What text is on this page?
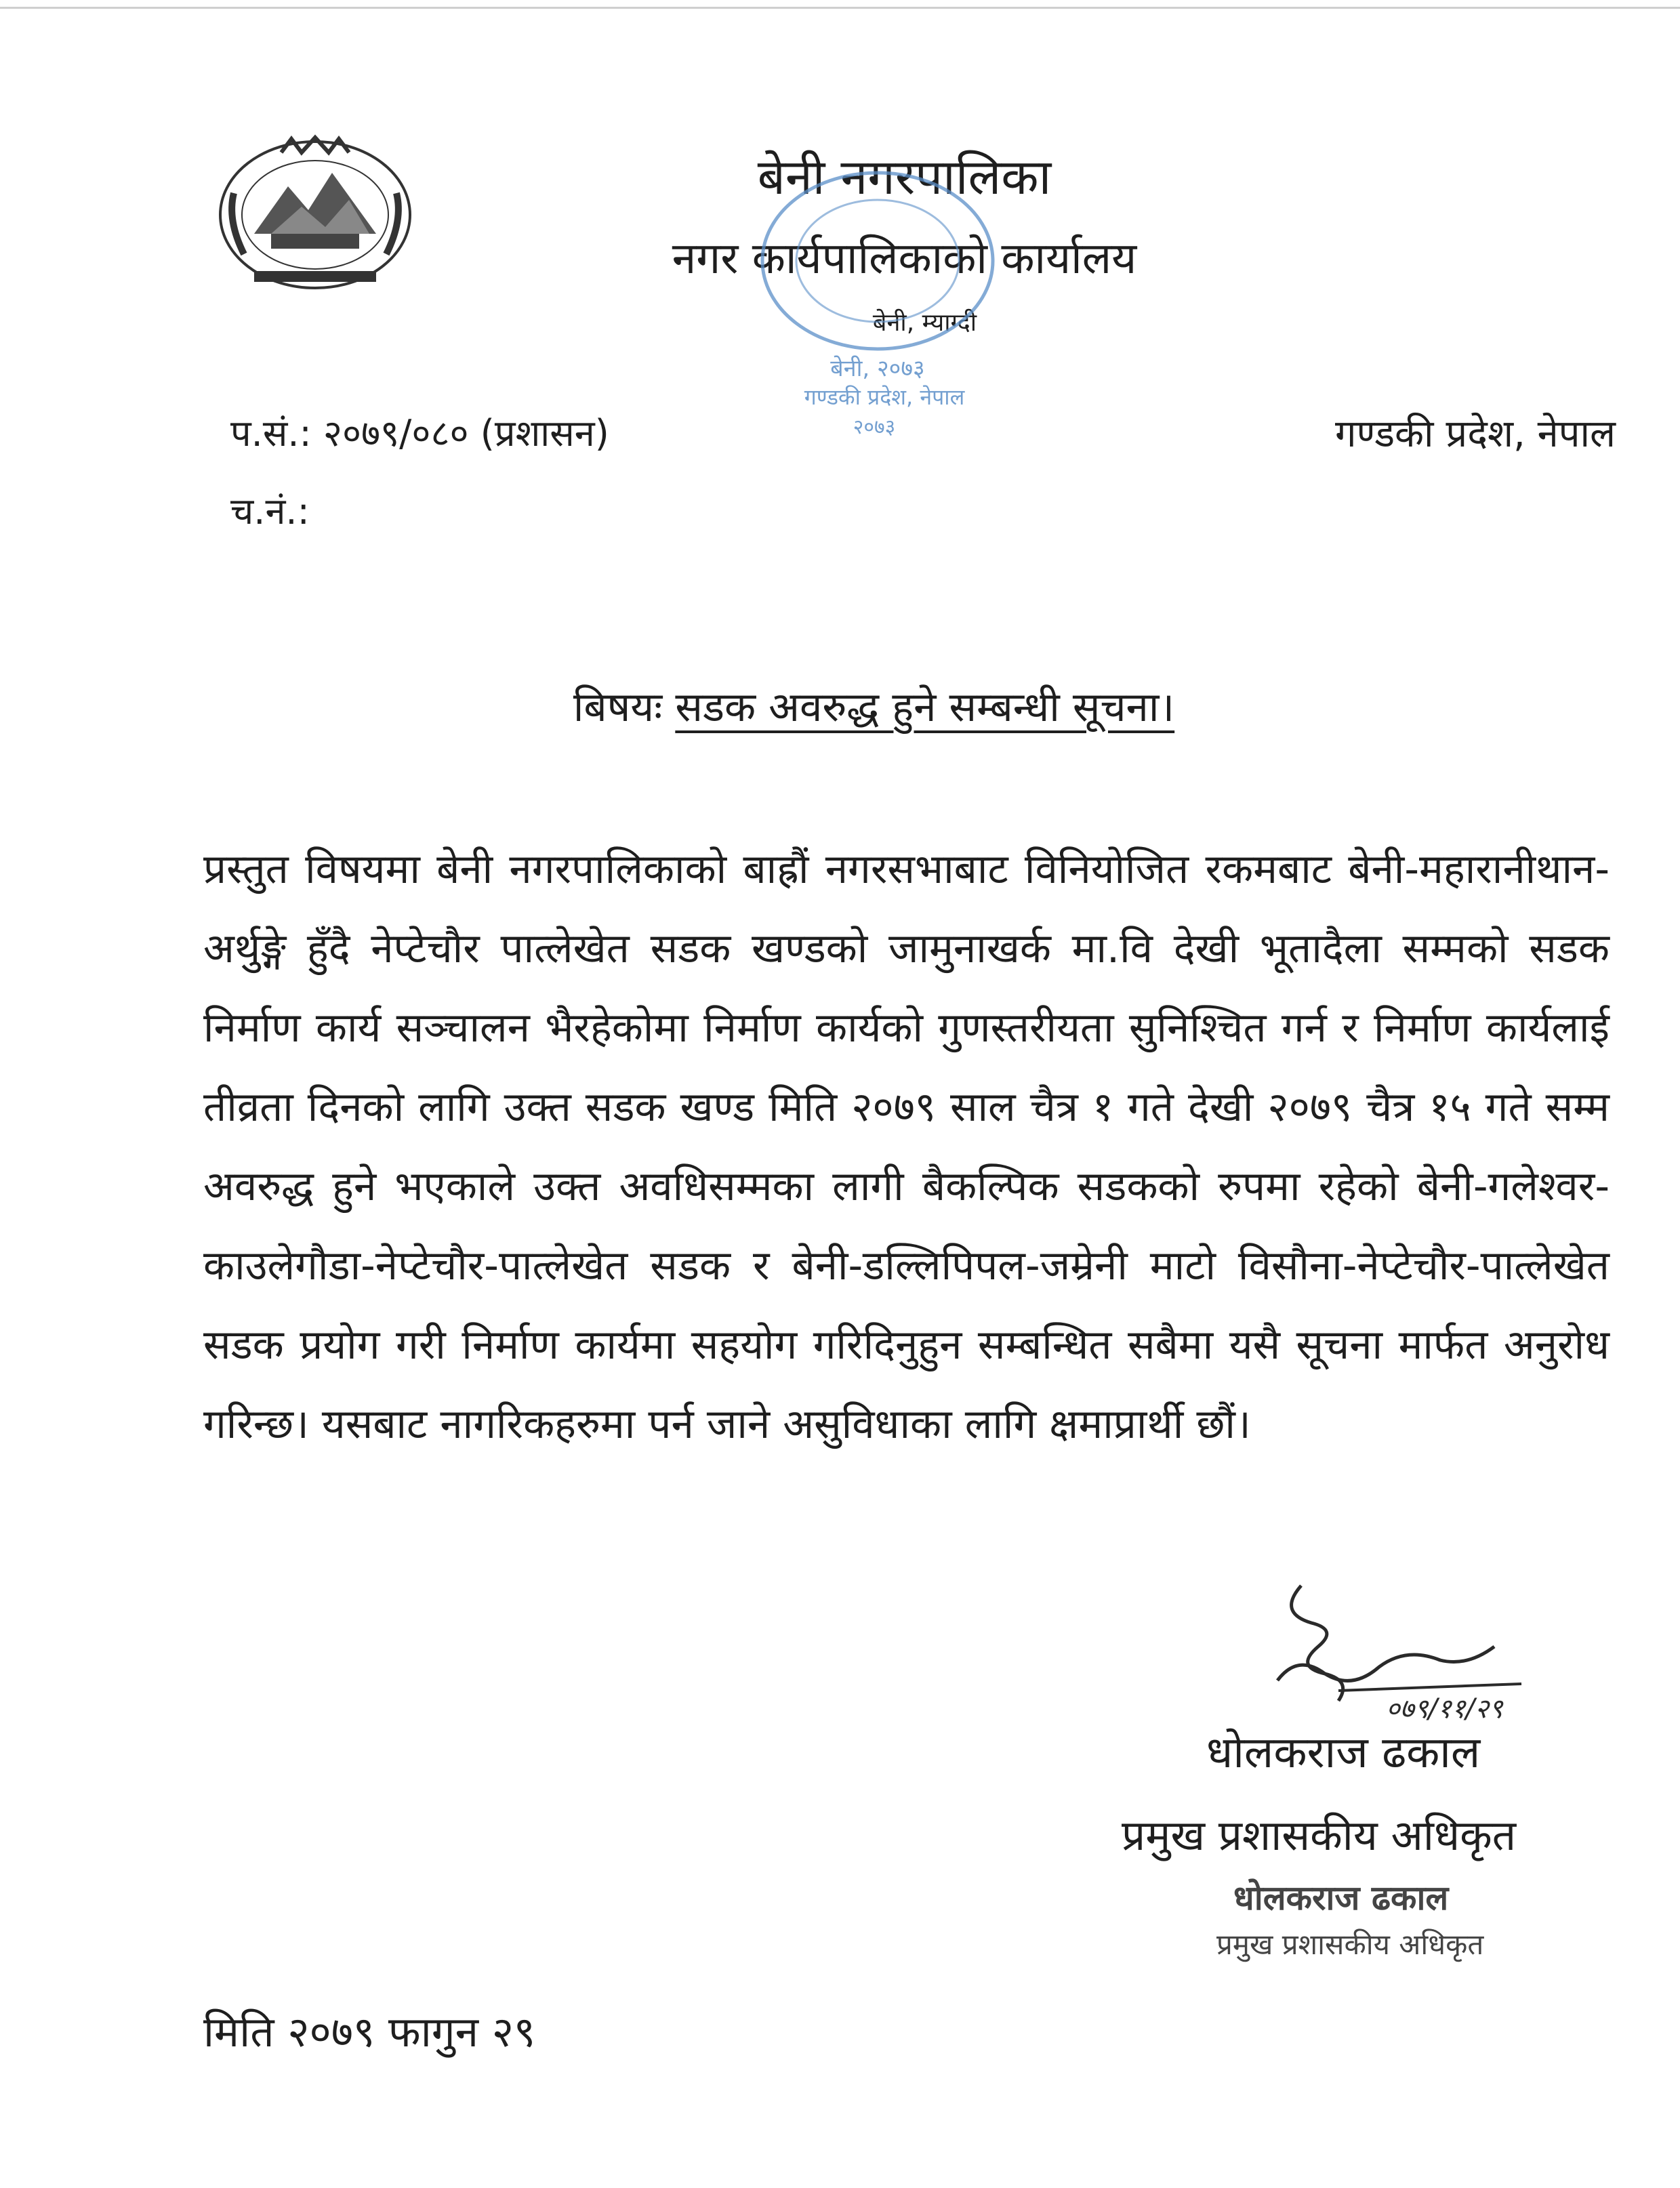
बेनी नगरपालिका
नगर कार्यपालिकाको कार्यालय
बेनी, म्याग्दी
बेनी, २०७३
गण्डकी प्रदेश, नेपाल
२०७३
प.सं.: २०७९/०८० (प्रशासन)	गण्डकी प्रदेश, नेपाल
च.नं.:
बिषयः सडक अवरुद्ध हुने सम्बन्धी सूचना।
प्रस्तुत विषयमा बेनी नगरपालिकाको बाह्रौं नगरसभाबाट विनियोजित रकमबाट बेनी-महारानीथान-अर्थुङ्गे हुँदै नेप्टेचौर पात्लेखेत सडक खण्डको जामुनाखर्क मा.वि देखी भूतादैला सम्मको सडक निर्माण कार्य सञ्चालन भैरहेकोमा निर्माण कार्यको गुणस्तरीयता सुनिश्चित गर्न र निर्माण कार्यलाई तीव्रता दिनको लागि उक्त सडक खण्ड मिति २०७९ साल चैत्र १ गते देखी २०७९ चैत्र १५ गते सम्म अवरुद्ध हुने भएकाले उक्त अवधिसम्मका लागी बैकल्पिक सडकको रुपमा रहेको बेनी-गलेश्वर-काउलेगौडा-नेप्टेचौर-पात्लेखेत सडक र बेनी-डल्लिपिपल-जम्रेनी माटो विसौना-नेप्टेचौर-पात्लेखेत सडक प्रयोग गरी निर्माण कार्यमा सहयोग गरिदिनुहुन सम्बन्धित सबैमा यसै सूचना मार्फत अनुरोध गरिन्छ। यसबाट नागरिकहरुमा पर्न जाने असुविधाका लागि क्षमाप्रार्थी छौं।
०७९/११/२९
धोलकराज ढकाल
प्रमुख प्रशासकीय अधिकृत
धोलकराज ढकाल
प्रमुख प्रशासकीय अधिकृत
मिति २०७९ फागुन २९
